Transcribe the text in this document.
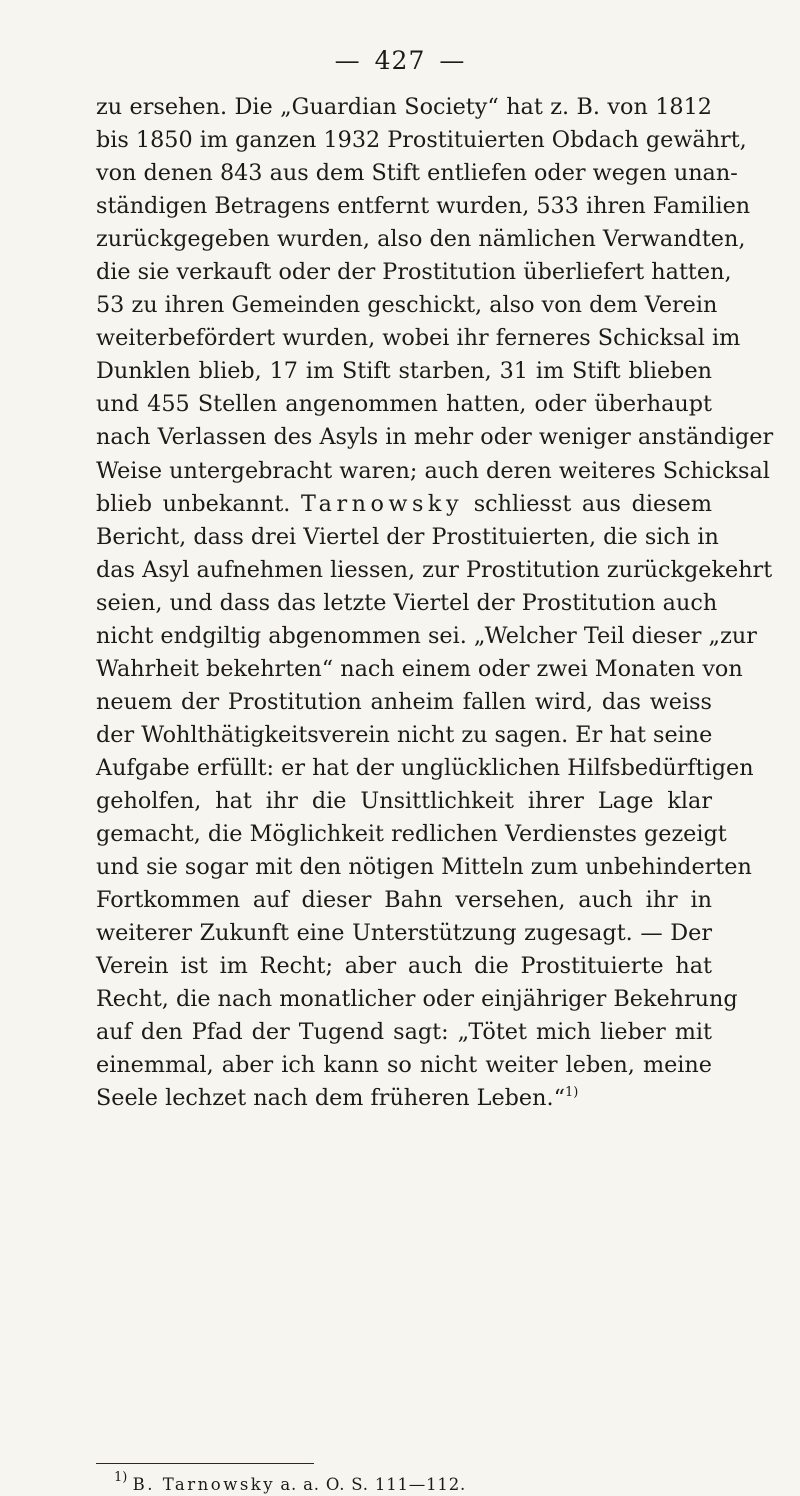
— 427 —
zu ersehen. Die „Guardian Society“ hat z. B. von 1812
bis 1850 im ganzen 1932 Prostituierten Obdach gewährt,
von denen 843 aus dem Stift entliefen oder wegen unan-
ständigen Betragens entfernt wurden, 533 ihren Familien
zurückgegeben wurden, also den nämlichen Verwandten,
die sie verkauft oder der Prostitution überliefert hatten,
53 zu ihren Gemeinden geschickt, also von dem Verein
weiterbefördert wurden, wobei ihr ferneres Schicksal im
Dunklen blieb, 17 im Stift starben, 31 im Stift blieben
und 455 Stellen angenommen hatten, oder überhaupt
nach Verlassen des Asyls in mehr oder weniger anständiger
Weise untergebracht waren; auch deren weiteres Schicksal
blieb unbekannt. Tarnowsky schliesst aus diesem
Bericht, dass drei Viertel der Prostituierten, die sich in
das Asyl aufnehmen liessen, zur Prostitution zurückgekehrt
seien, und dass das letzte Viertel der Prostitution auch
nicht endgiltig abgenommen sei. „Welcher Teil dieser „zur
Wahrheit bekehrten“ nach einem oder zwei Monaten von
neuem der Prostitution anheim fallen wird, das weiss
der Wohlthätigkeitsverein nicht zu sagen. Er hat seine
Aufgabe erfüllt: er hat der unglücklichen Hilfsbedürftigen
geholfen, hat ihr die Unsittlichkeit ihrer Lage klar
gemacht, die Möglichkeit redlichen Verdienstes gezeigt
und sie sogar mit den nötigen Mitteln zum unbehinderten
Fortkommen auf dieser Bahn versehen, auch ihr in
weiterer Zukunft eine Unterstützung zugesagt. — Der
Verein ist im Recht; aber auch die Prostituierte hat
Recht, die nach monatlicher oder einjähriger Bekehrung
auf den Pfad der Tugend sagt: „Tötet mich lieber mit
einemmal, aber ich kann so nicht weiter leben, meine
Seele lechzet nach dem früheren Leben.“$^{1)}$
$^{1)}$ B. Tarnowsky a. a. O. S. 111—112.
